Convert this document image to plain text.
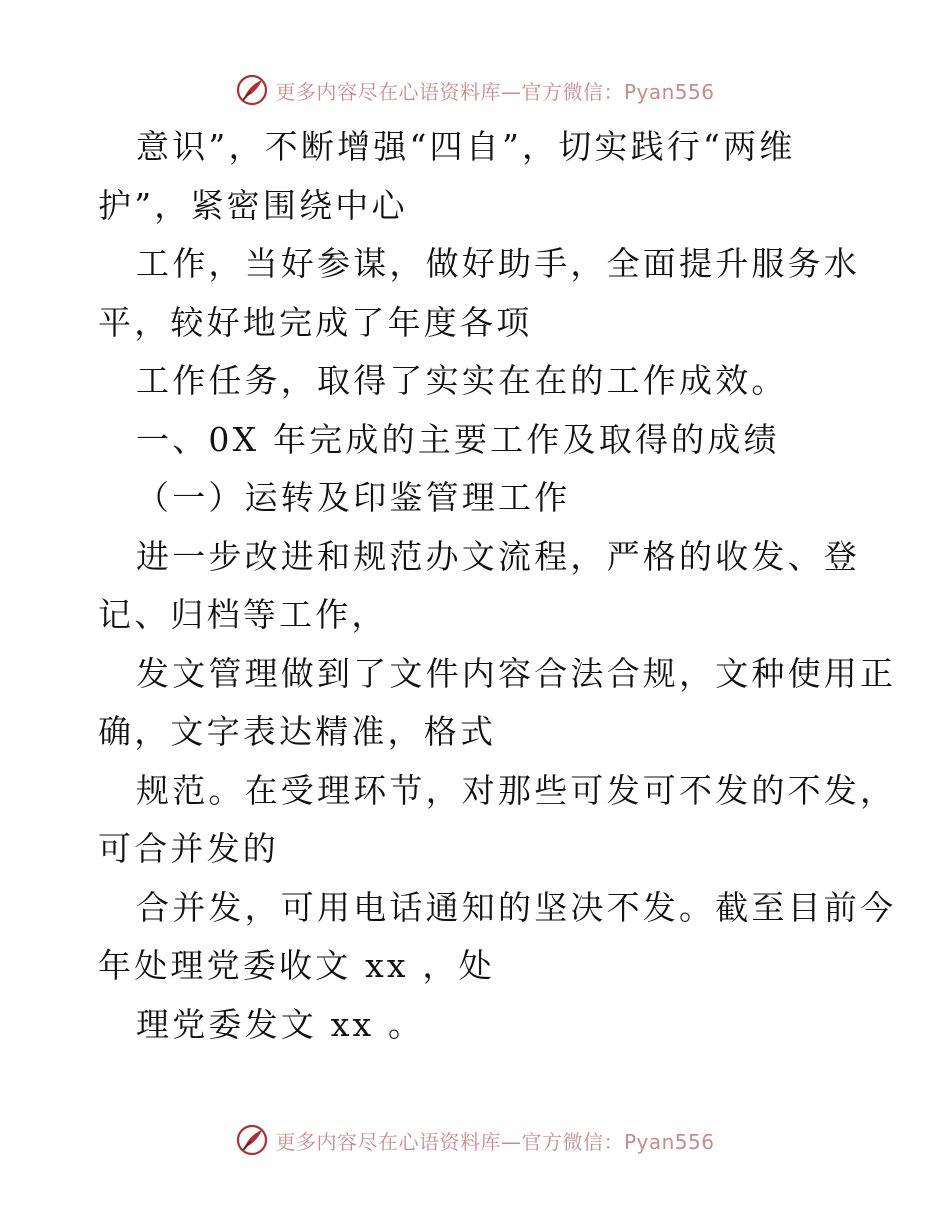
更多内容尽在心语资料库—官方微信：Pyan556
意识”，不断增强“四自”，切实践行“两维
护”，紧密围绕中心
工作，当好参谋，做好助手，全面提升服务水
平，较好地完成了年度各项
工作任务，取得了实实在在的工作成效。
一、0X 年完成的主要工作及取得的成绩
（一）运转及印鉴管理工作
进一步改进和规范办文流程，严格的收发、登
记、归档等工作，
发文管理做到了文件内容合法合规，文种使用正
确，文字表达精准，格式
规范。在受理环节，对那些可发可不发的不发，
可合并发的
合并发，可用电话通知的坚决不发。截至目前今
年处理党委收文 xx ，处
理党委发文 xx 。
更多内容尽在心语资料库—官方微信：Pyan556
